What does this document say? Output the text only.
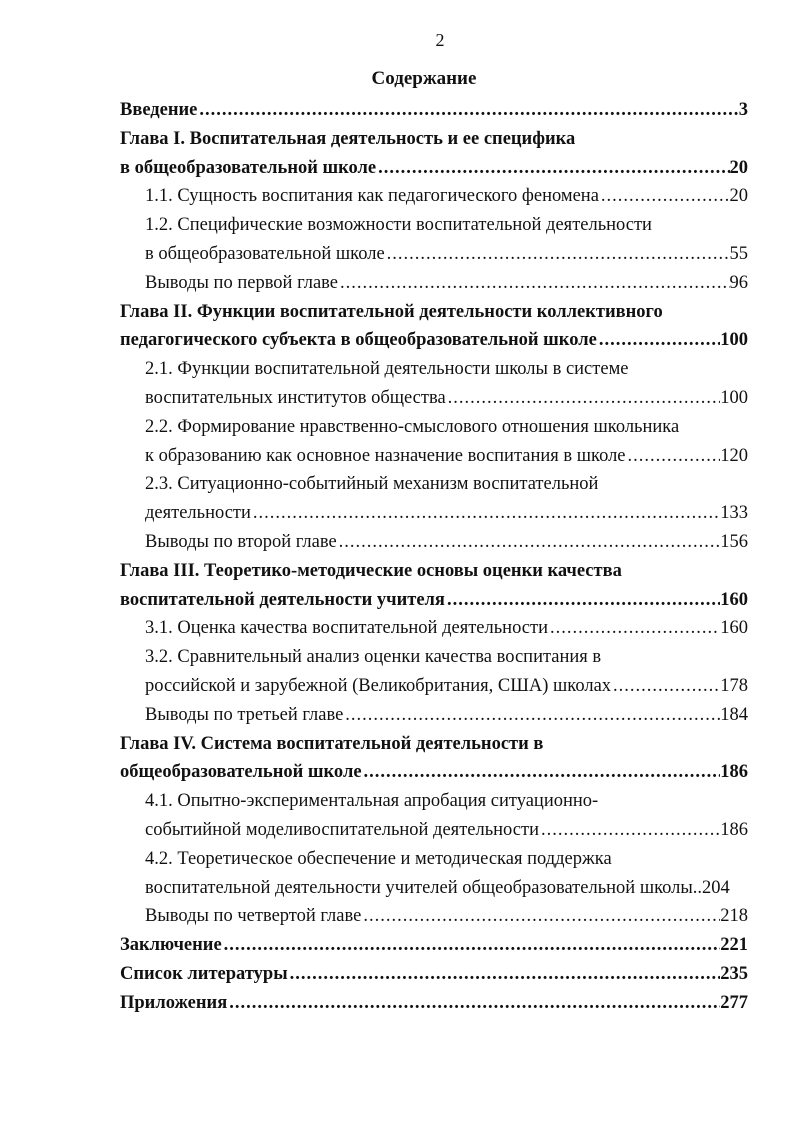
2
Содержание
Введение .....	3
Глава I. Воспитательная деятельность и ее специфика
в общеобразовательной школе .....	20
1.1. Сущность воспитания как педагогического феномена .....	20
1.2. Специфические возможности воспитательной деятельности
в общеобразовательной школе .....	55
Выводы по первой главе .....	96
Глава II. Функции воспитательной деятельности коллективного
педагогического субъекта в общеобразовательной школе .....	100
2.1. Функции воспитательной деятельности школы в системе
воспитательных институтов общества .....	100
2.2. Формирование нравственно-смыслового отношения школьника
к образованию как основное назначение воспитания в школе .....	120
2.3. Ситуационно-событийный механизм воспитательной
деятельности .....	133
Выводы по второй главе .....	156
Глава III. Теоретико-методические основы оценки качества
воспитательной деятельности учителя .....	160
3.1. Оценка качества воспитательной деятельности .....	160
3.2. Сравнительный анализ оценки качества воспитания в
российской и зарубежной (Великобритания, США) школах .....	178
Выводы по третьей главе .....	184
Глава IV. Система воспитательной деятельности в
общеобразовательной школе .....	186
4.1. Опытно-экспериментальная апробация ситуационно-
событийной моделивоспитательной деятельности .....	186
4.2. Теоретическое обеспечение и методическая поддержка
воспитательной деятельности учителей общеобразовательной школы.. 204
Выводы по четвертой главе .....	218
Заключение .....	221
Список литературы .....	235
Приложения .....	277
